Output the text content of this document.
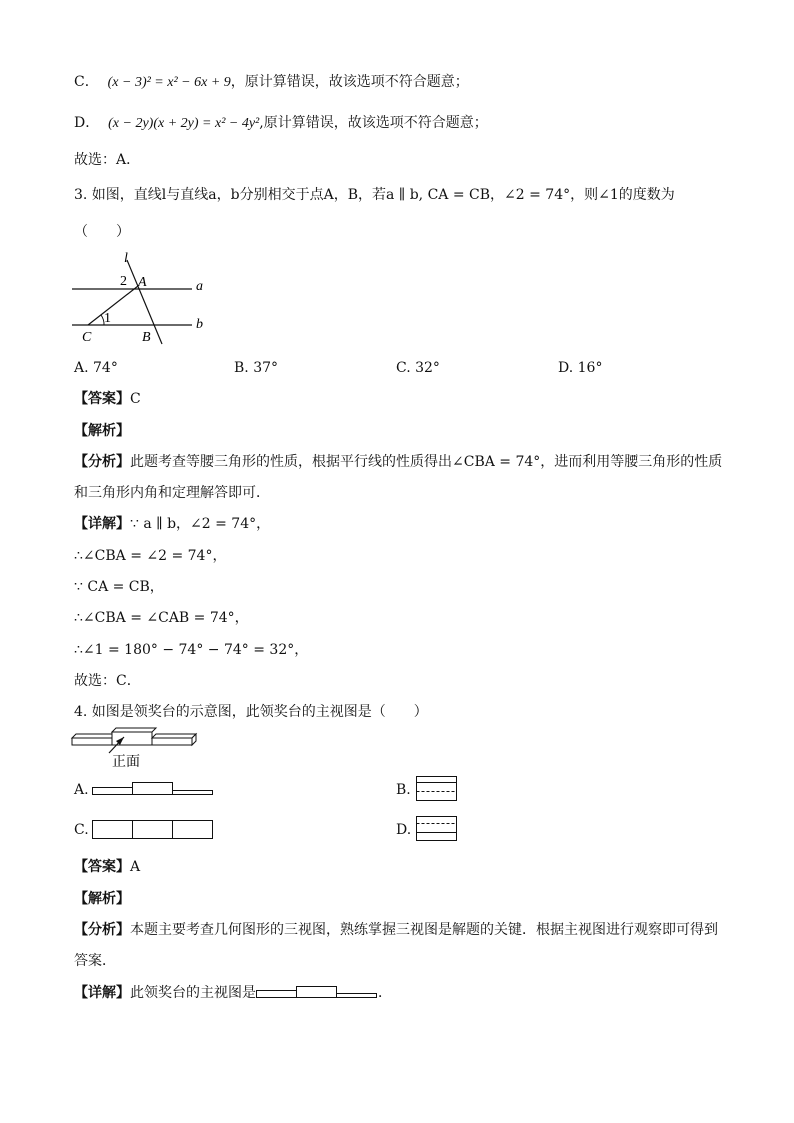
C． (x − 3)² = x² − 6x + 9，原计算错误，故该选项不符合题意；
D． (x − 2y)(x + 2y) = x² − 4y²,原计算错误，故该选项不符合题意；
故选：A．
3. 如图，直线l与直线a，b分别相交于点A，B，若a ∥ b, CA = CB，∠2 = 74°，则∠1的度数为
（　　）
l
2 A	a
1	b
C	B
A. 74°	B. 37°	C. 32°	D. 16°
【答案】C
【解析】
【分析】此题考查等腰三角形的性质，根据平行线的性质得出∠CBA = 74°，进而利用等腰三角形的性质
和三角形内角和定理解答即可．
【详解】∵ a ∥ b，∠2 = 74°，
∴∠CBA = ∠2 = 74°，
∵ CA = CB，
∴∠CBA = ∠CAB = 74°，
∴∠1 = 180° − 74° − 74° = 32°，
故选：C．
4. 如图是领奖台的示意图，此领奖台的主视图是（　　）
正面
A.	B.
C.	D.
【答案】A
【解析】
【分析】本题主要考查几何图形的三视图，熟练掌握三视图是解题的关键．根据主视图进行观察即可得到
答案．
【详解】此领奖台的主视图是	．
